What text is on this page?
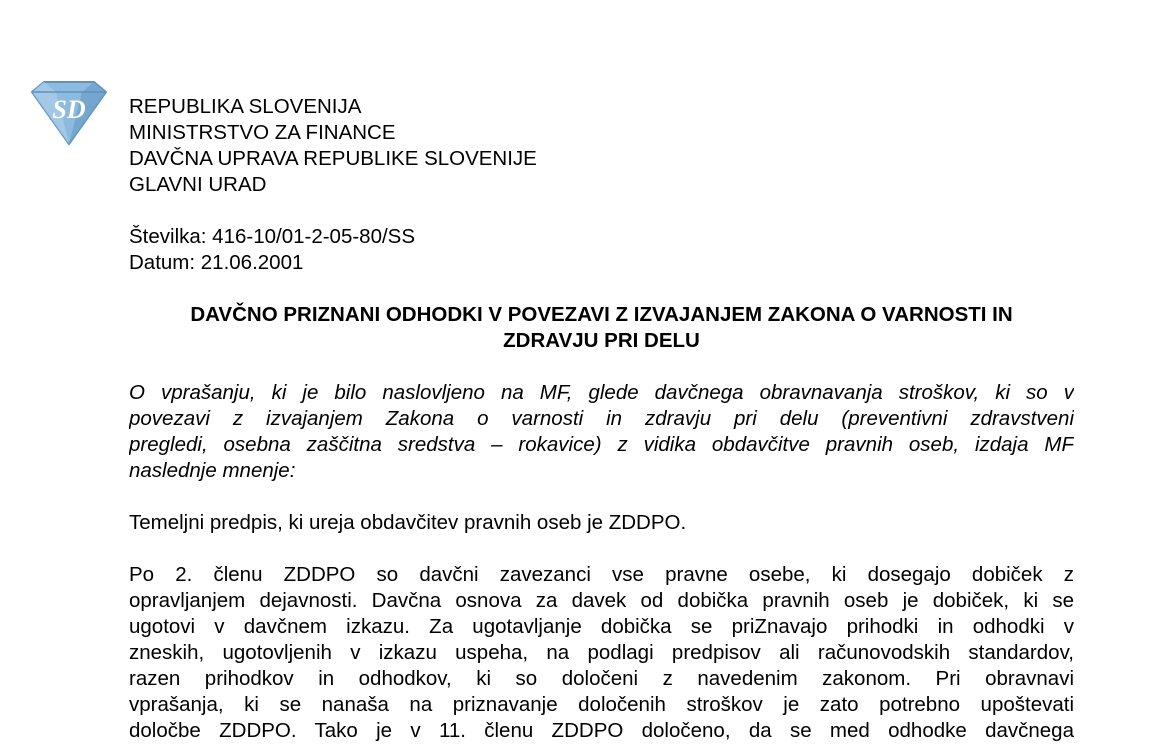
SD REPUBLIKA SLOVENIJA
MINISTRSTVO ZA FINANCE
DAVČNA UPRAVA REPUBLIKE SLOVENIJE
GLAVNI URAD
Številka: 416-10/01-2-05-80/SS
Datum: 21.06.2001
DAVČNO PRIZNANI ODHODKI V POVEZAVI Z IZVAJANJEM ZAKONA O VARNOSTI IN
ZDRAVJU PRI DELU
O vprašanju, ki je bilo naslovljeno na MF, glede davčnega obravnavanja stroškov, ki so v
povezavi z izvajanjem Zakona o varnosti in zdravju pri delu (preventivni zdravstveni
pregledi, osebna zaščitna sredstva – rokavice) z vidika obdavčitve pravnih oseb, izdaja MF
naslednje mnenje:
Temeljni predpis, ki ureja obdavčitev pravnih oseb je ZDDPO.
Po 2. členu ZDDPO so davčni zavezanci vse pravne osebe, ki dosegajo dobiček z
opravljanjem dejavnosti. Davčna osnova za davek od dobička pravnih oseb je dobiček, ki se
ugotovi v davčnem izkazu. Za ugotavljanje dobička se priZnavajo prihodki in odhodki v
zneskih, ugotovljenih v izkazu uspeha, na podlagi predpisov ali računovodskih standardov,
razen prihodkov in odhodkov, ki so določeni z navedenim zakonom. Pri obravnavi
vprašanja, ki se nanaša na priznavanje določenih stroškov je zato potrebno upoštevati
določbe ZDDPO. Tako je v 11. členu ZDDPO določeno, da se med odhodke davčnega
